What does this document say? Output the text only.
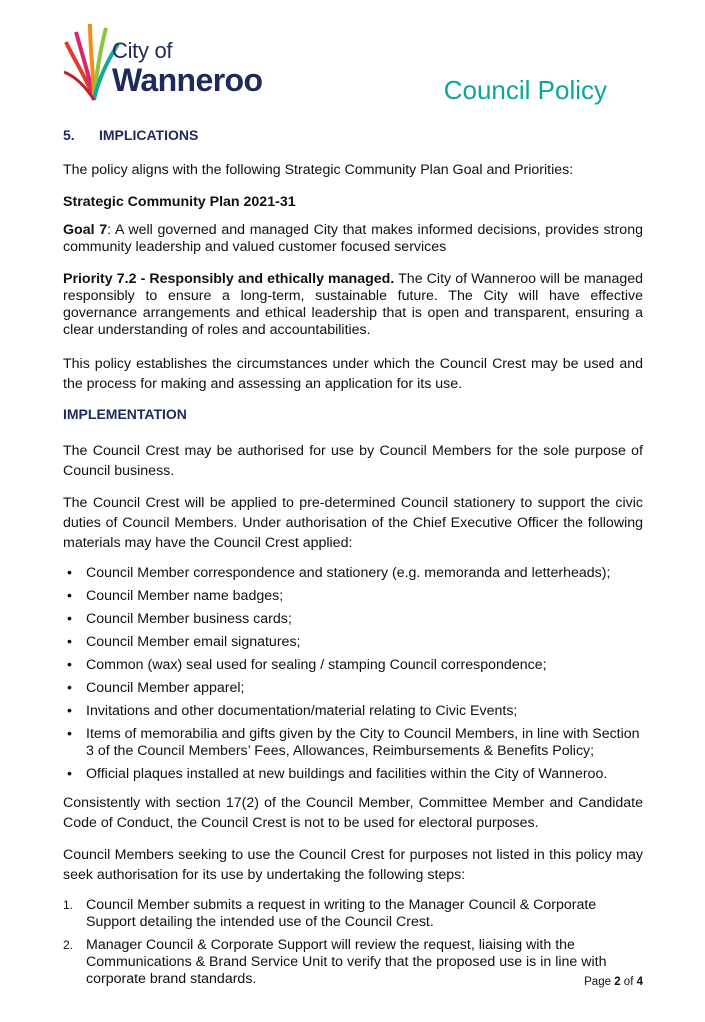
City of
Wanneroo	Council Policy
5. IMPLICATIONS

The policy aligns with the following Strategic Community Plan Goal and Priorities:

Strategic Community Plan 2021-31

Goal 7: A well governed and managed City that makes informed decisions, provides strong community leadership and valued customer focused services

Priority 7.2 - Responsibly and ethically managed. The City of Wanneroo will be managed responsibly to ensure a long-term, sustainable future. The City will have effective governance arrangements and ethical leadership that is open and transparent, ensuring a clear understanding of roles and accountabilities.

This policy establishes the circumstances under which the Council Crest may be used and the process for making and assessing an application for its use.

IMPLEMENTATION

The Council Crest may be authorised for use by Council Members for the sole purpose of Council business.

The Council Crest will be applied to pre-determined Council stationery to support the civic duties of Council Members. Under authorisation of the Chief Executive Officer the following materials may have the Council Crest applied:

• Council Member correspondence and stationery (e.g. memoranda and letterheads);
• Council Member name badges;
• Council Member business cards;
• Council Member email signatures;
• Common (wax) seal used for sealing / stamping Council correspondence;
• Council Member apparel;
• Invitations and other documentation/material relating to Civic Events;
• Items of memorabilia and gifts given by the City to Council Members, in line with Section 3 of the Council Members’ Fees, Allowances, Reimbursements & Benefits Policy;
• Official plaques installed at new buildings and facilities within the City of Wanneroo.

Consistently with section 17(2) of the Council Member, Committee Member and Candidate Code of Conduct, the Council Crest is not to be used for electoral purposes.

Council Members seeking to use the Council Crest for purposes not listed in this policy may seek authorisation for its use by undertaking the following steps:

1. Council Member submits a request in writing to the Manager Council & Corporate Support detailing the intended use of the Council Crest.
2. Manager Council & Corporate Support will review the request, liaising with the Communications & Brand Service Unit to verify that the proposed use is in line with corporate brand standards.	Page 2 of 4
